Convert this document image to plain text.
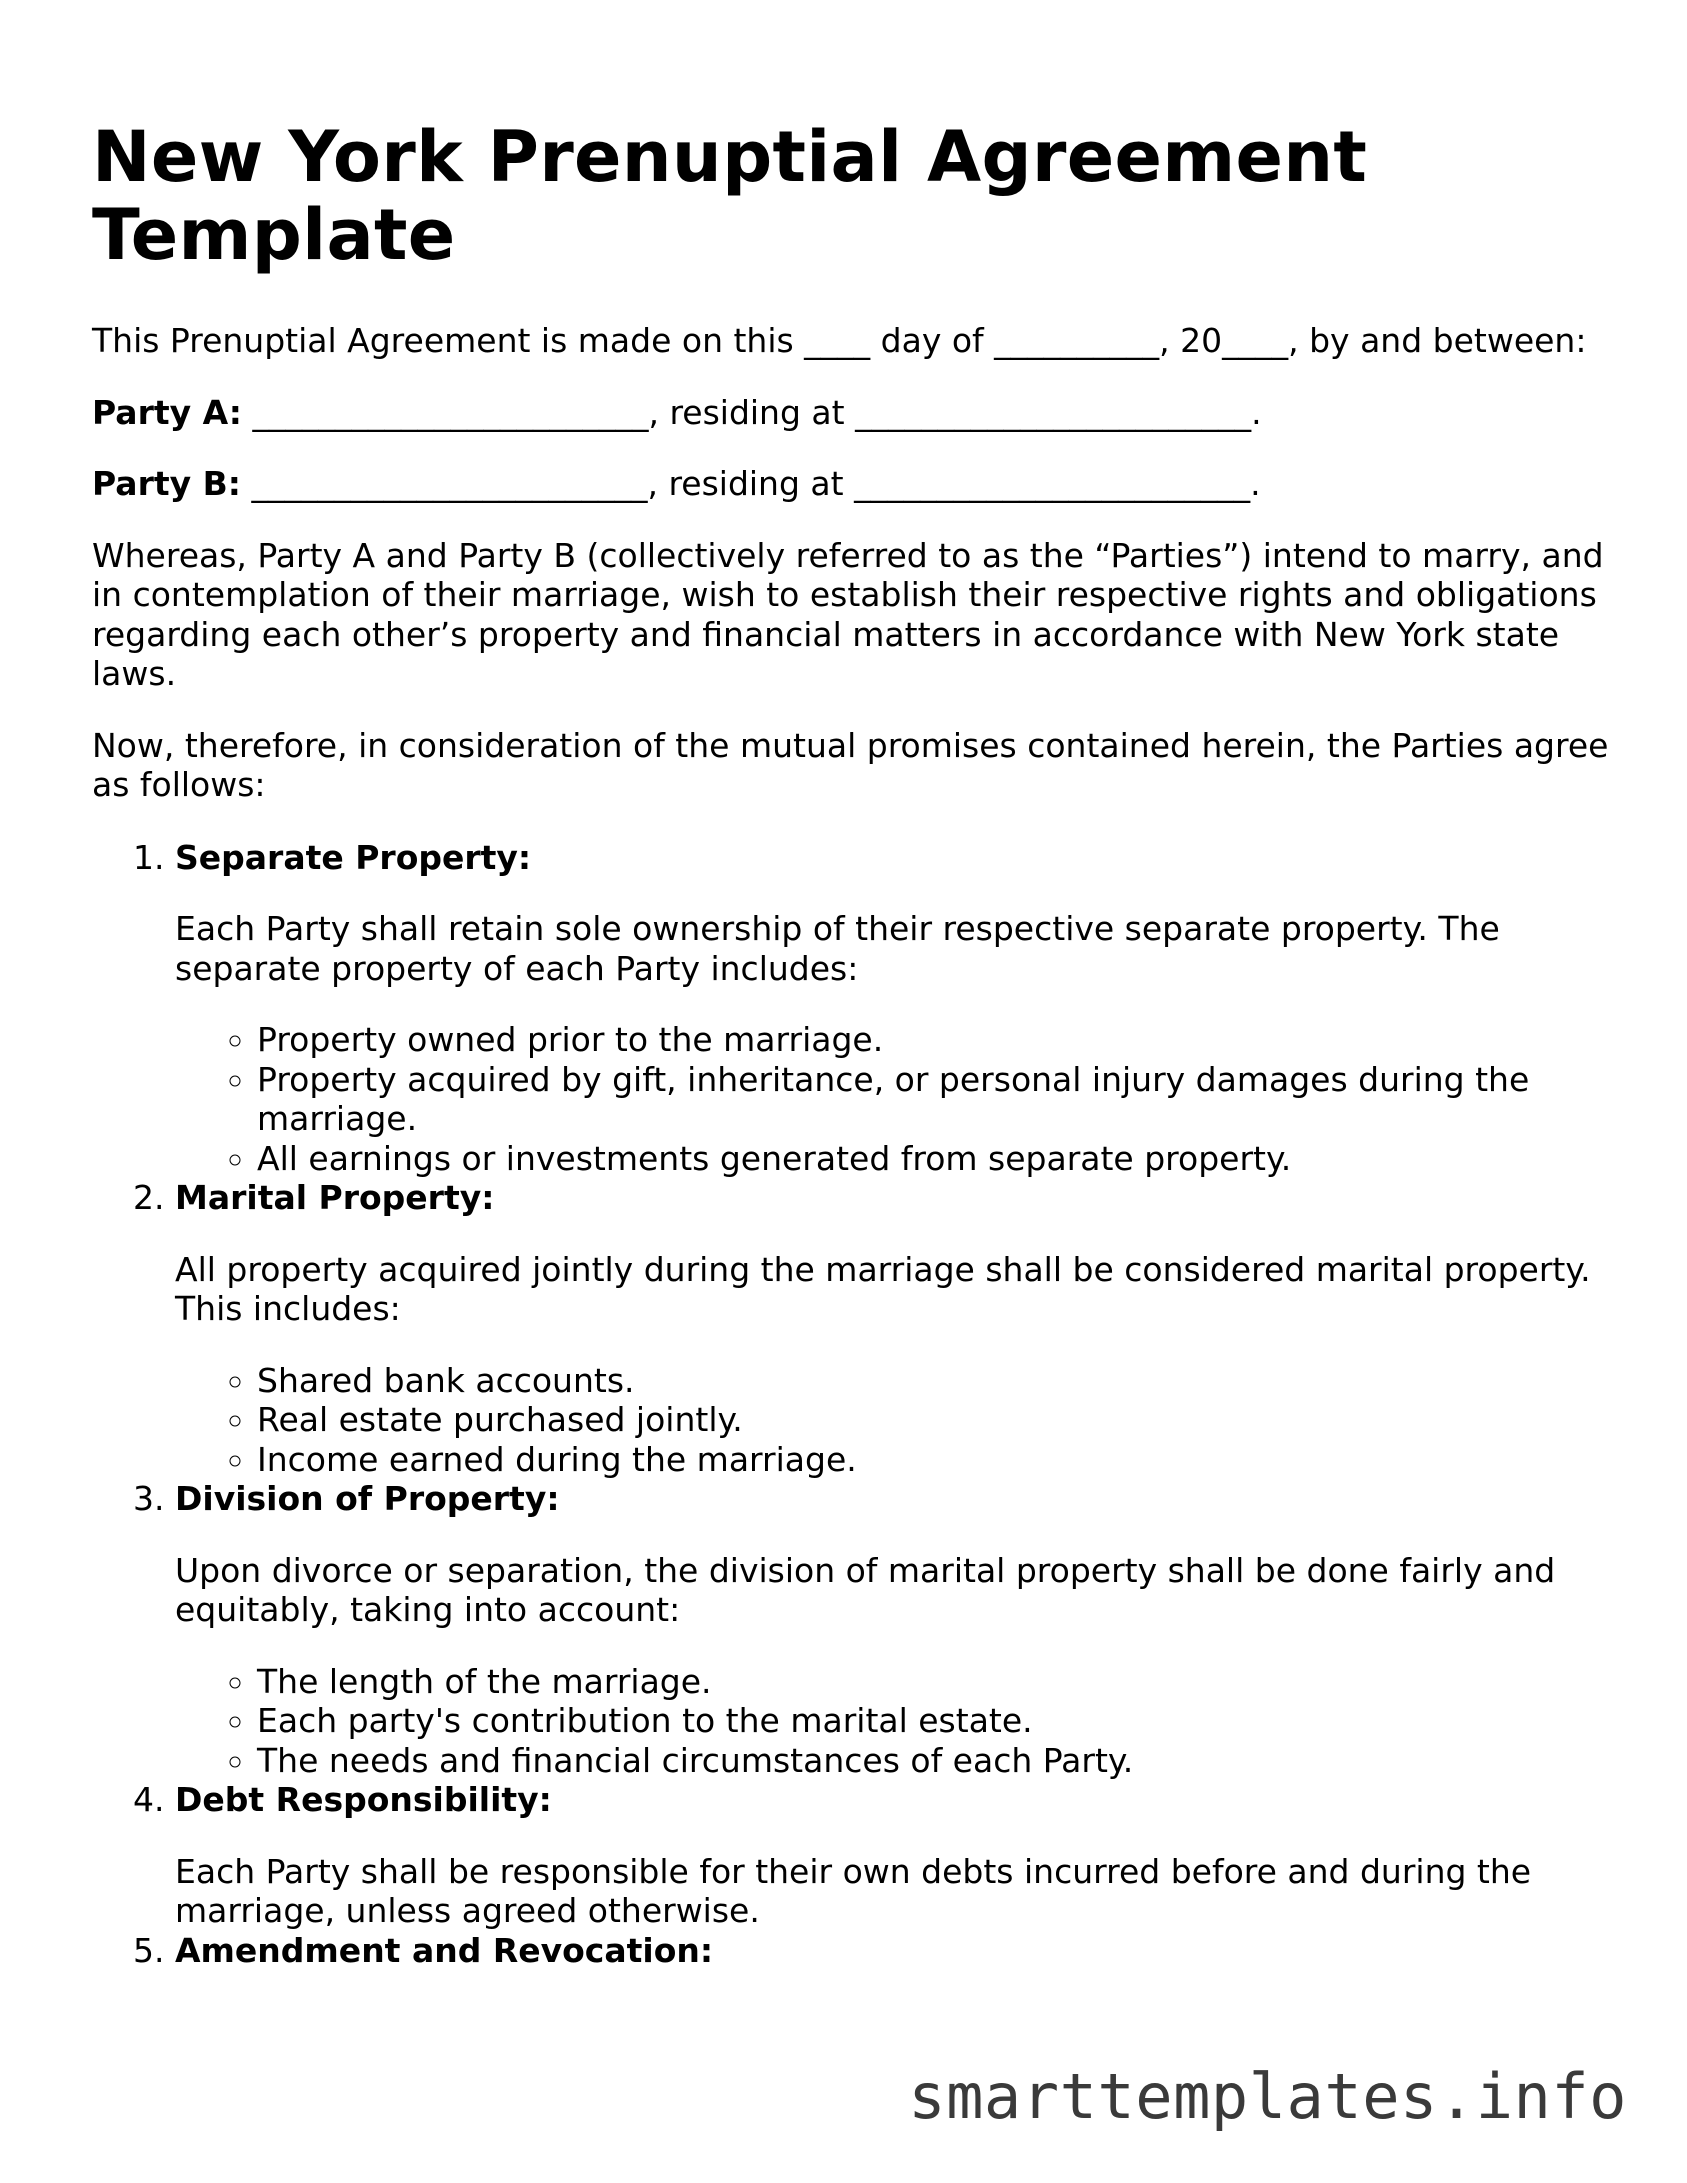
New York Prenuptial Agreement Template

This Prenuptial Agreement is made on this ____ day of __________, 20____, by and between:

Party A: ________________________, residing at ________________________.

Party B: ________________________, residing at ________________________.

Whereas, Party A and Party B (collectively referred to as the “Parties”) intend to marry, and in contemplation of their marriage, wish to establish their respective rights and obligations regarding each other’s property and financial matters in accordance with New York state laws.

Now, therefore, in consideration of the mutual promises contained herein, the Parties agree as follows:

1. Separate Property:

Each Party shall retain sole ownership of their respective separate property. The separate property of each Party includes:

◦ Property owned prior to the marriage.
◦ Property acquired by gift, inheritance, or personal injury damages during the marriage.
◦ All earnings or investments generated from separate property.
2. Marital Property:

All property acquired jointly during the marriage shall be considered marital property. This includes:

◦ Shared bank accounts.
◦ Real estate purchased jointly.
◦ Income earned during the marriage.
3. Division of Property:

Upon divorce or separation, the division of marital property shall be done fairly and equitably, taking into account:

◦ The length of the marriage.
◦ Each party's contribution to the marital estate.
◦ The needs and financial circumstances of each Party.
4. Debt Responsibility:

Each Party shall be responsible for their own debts incurred before and during the marriage, unless agreed otherwise.

5. Amendment and Revocation:
smarttemplates.info
